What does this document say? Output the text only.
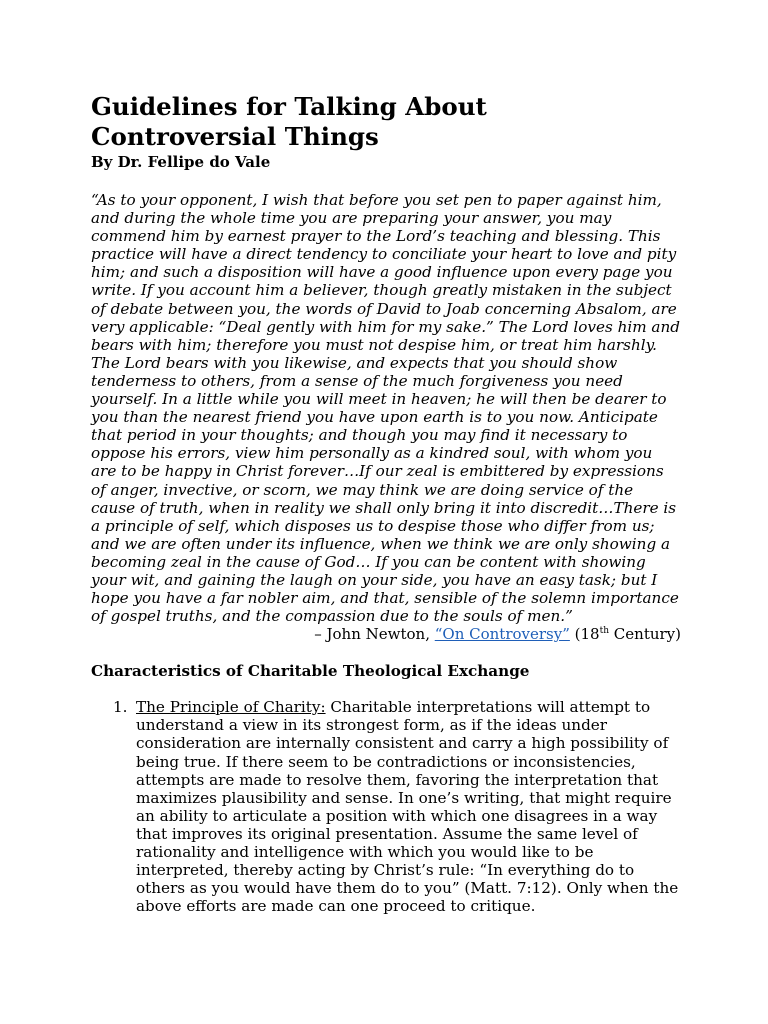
Guidelines for Talking About
Controversial Things

By Dr. Fellipe do Vale

“As to your opponent, I wish that before you set pen to paper against him, and during the whole time you are preparing your answer, you may commend him by earnest prayer to the Lord’s teaching and blessing. This practice will have a direct tendency to conciliate your heart to love and pity him; and such a disposition will have a good influence upon every page you write. If you account him a believer, though greatly mistaken in the subject of debate between you, the words of David to Joab concerning Absalom, are very applicable: “Deal gently with him for my sake.” The Lord loves him and bears with him; therefore you must not despise him, or treat him harshly. The Lord bears with you likewise, and expects that you should show tenderness to others, from a sense of the much forgiveness you need yourself. In a little while you will meet in heaven; he will then be dearer to you than the nearest friend you have upon earth is to you now. Anticipate that period in your thoughts; and though you may find it necessary to oppose his errors, view him personally as a kindred soul, with whom you are to be happy in Christ forever…If our zeal is embittered by expressions of anger, invective, or scorn, we may think we are doing service of the cause of truth, when in reality we shall only bring it into discredit…There is a principle of self, which disposes us to despise those who differ from us; and we are often under its influence, when we think we are only showing a becoming zeal in the cause of God… If you can be content with showing your wit, and gaining the laugh on your side, you have an easy task; but I hope you have a far nobler aim, and that, sensible of the solemn importance of gospel truths, and the compassion due to the souls of men.”

– John Newton, “On Controversy” (18th Century)

Characteristics of Charitable Theological Exchange

1. The Principle of Charity: Charitable interpretations will attempt to understand a view in its strongest form, as if the ideas under consideration are internally consistent and carry a high possibility of being true. If there seem to be contradictions or inconsistencies, attempts are made to resolve them, favoring the interpretation that maximizes plausibility and sense. In one’s writing, that might require an ability to articulate a position with which one disagrees in a way that improves its original presentation. Assume the same level of rationality and intelligence with which you would like to be interpreted, thereby acting by Christ’s rule: “In everything do to others as you would have them do to you” (Matt. 7:12). Only when the above efforts are made can one proceed to critique.
